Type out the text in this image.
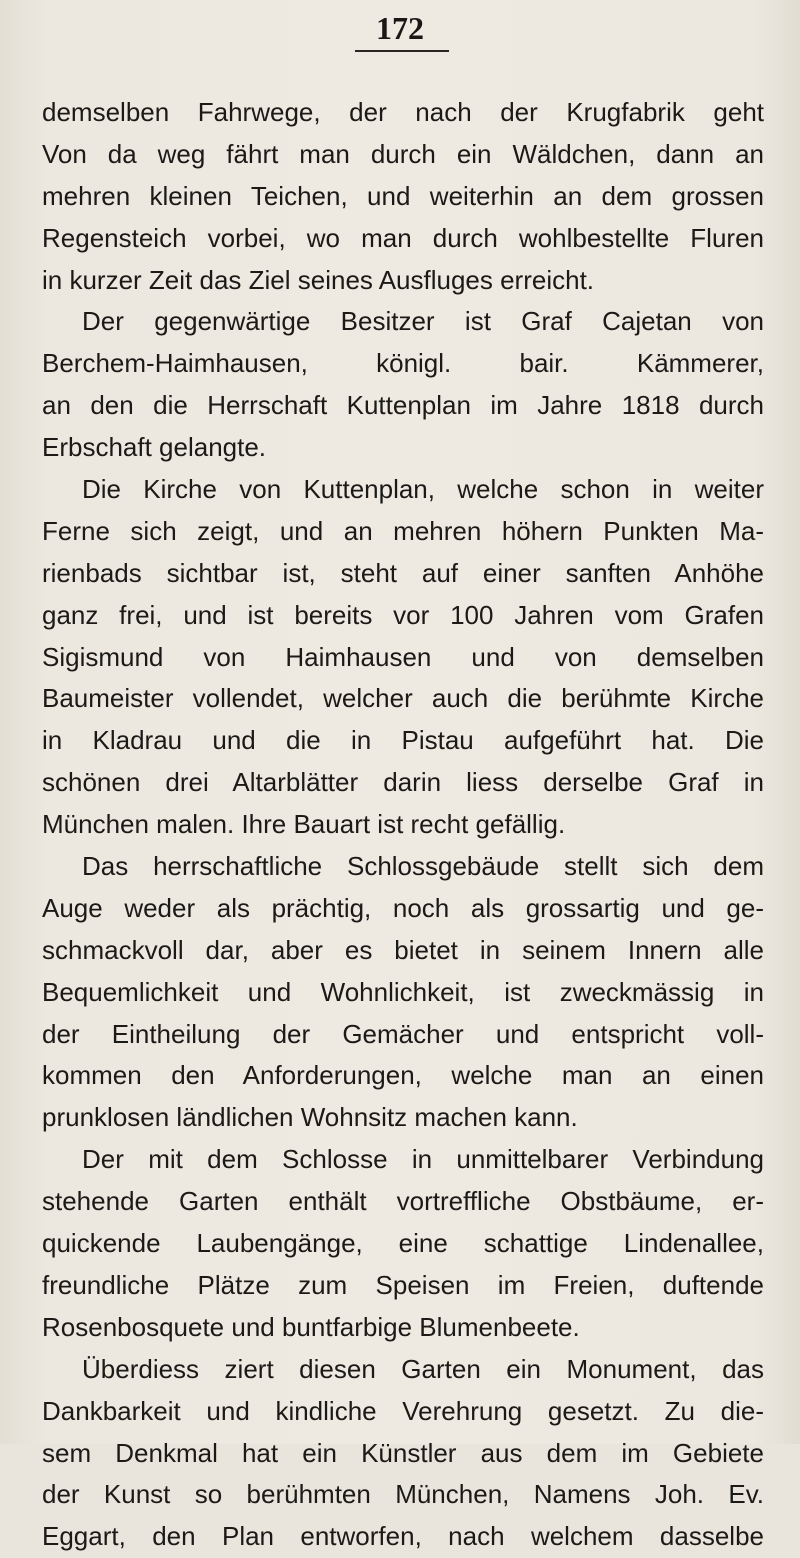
172
demselben Fahrwege, der nach der Krugfabrik geht
Von da weg fährt man durch ein Wäldchen, dann an
mehren kleinen Teichen, und weiterhin an dem grossen
Regensteich vorbei, wo man durch wohlbestellte Fluren
in kurzer Zeit das Ziel seines Ausfluges erreicht.
Der gegenwärtige Besitzer ist Graf Cajetan von
Berchem-Haimhausen, königl. bair. Kämmerer,
an den die Herrschaft Kuttenplan im Jahre 1818 durch
Erbschaft gelangte.
Die Kirche von Kuttenplan, welche schon in weiter
Ferne sich zeigt, und an mehren höhern Punkten Ma-
rienbads sichtbar ist, steht auf einer sanften Anhöhe
ganz frei, und ist bereits vor 100 Jahren vom Grafen
Sigismund von Haimhausen und von demselben
Baumeister vollendet, welcher auch die berühmte Kirche
in Kladrau und die in Pistau aufgeführt hat. Die
schönen drei Altarblätter darin liess derselbe Graf in
München malen. Ihre Bauart ist recht gefällig.
Das herrschaftliche Schlossgebäude stellt sich dem
Auge weder als prächtig, noch als grossartig und ge-
schmackvoll dar, aber es bietet in seinem Innern alle
Bequemlichkeit und Wohnlichkeit, ist zweckmässig in
der Eintheilung der Gemächer und entspricht voll-
kommen den Anforderungen, welche man an einen
prunklosen ländlichen Wohnsitz machen kann.
Der mit dem Schlosse in unmittelbarer Verbindung
stehende Garten enthält vortreffliche Obstbäume, er-
quickende Laubengänge, eine schattige Lindenallee,
freundliche Plätze zum Speisen im Freien, duftende
Rosenbosquete und buntfarbige Blumenbeete.
Überdiess ziert diesen Garten ein Monument, das
Dankbarkeit und kindliche Verehrung gesetzt. Zu die-
sem Denkmal hat ein Künstler aus dem im Gebiete
der Kunst so berühmten München, Namens Joh. Ev.
Eggart, den Plan entworfen, nach welchem dasselbe
